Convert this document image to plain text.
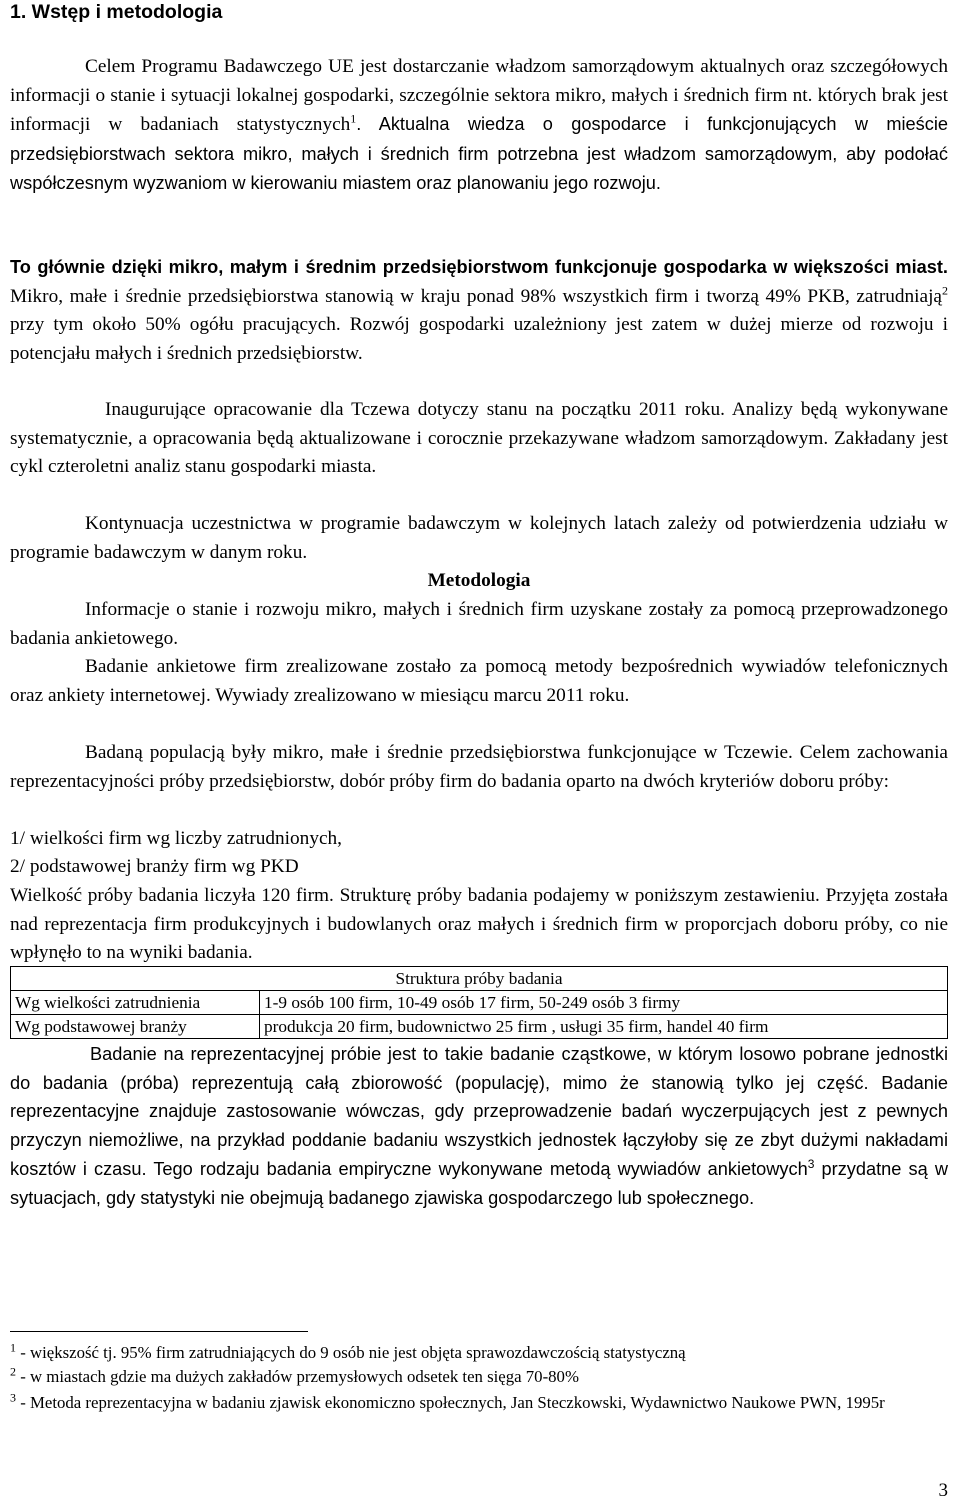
1. Wstęp i metodologia

Celem Programu Badawczego UE jest dostarczanie władzom samorządowym aktualnych oraz szczegółowych informacji o stanie i sytuacji lokalnej gospodarki, szczególnie sektora mikro, małych i średnich firm nt. których brak jest informacji w badaniach statystycznych$^1$. Aktualna wiedza o gospodarce i funkcjonujących w mieście przedsiębiorstwach sektora mikro, małych i średnich firm potrzebna jest władzom samorządowym, aby podołać współczesnym wyzwaniom w kierowaniu miastem oraz planowaniu jego rozwoju.

To głównie dzięki mikro, małym i średnim przedsiębiorstwom funkcjonuje gospodarka w większości miast. Mikro, małe i średnie przedsiębiorstwa stanowią w kraju ponad 98% wszystkich firm i tworzą 49% PKB, zatrudniają$^2$ przy tym około 50% ogółu pracujących. Rozwój gospodarki uzależniony jest zatem w dużej mierze od rozwoju i potencjału małych i średnich przedsiębiorstw.

Inaugurujące opracowanie dla Tczewa dotyczy stanu na początku 2011 roku. Analizy będą wykonywane systematycznie, a opracowania będą aktualizowane i corocznie przekazywane władzom samorządowym. Zakładany jest cykl czteroletni analiz stanu gospodarki miasta.

Kontynuacja uczestnictwa w programie badawczym w kolejnych latach zależy od potwierdzenia udziału w programie badawczym w danym roku.

Metodologia

Informacje o stanie i rozwoju mikro, małych i średnich firm uzyskane zostały za pomocą przeprowadzonego badania ankietowego.

Badanie ankietowe firm zrealizowane zostało za pomocą metody bezpośrednich wywiadów telefonicznych oraz ankiety internetowej. Wywiady zrealizowano w miesiącu marcu 2011 roku.

Badaną populacją były mikro, małe i średnie przedsiębiorstwa funkcjonujące w Tczewie. Celem zachowania reprezentacyjności próby przedsiębiorstw, dobór próby firm do badania oparto na dwóch kryteriów doboru próby:

1/ wielkości firm wg liczby zatrudnionych,
2/ podstawowej branży firm wg PKD

Wielkość próby badania liczyła 120 firm. Strukturę próby badania podajemy w poniższym zestawieniu. Przyjęta została nad reprezentacja firm produkcyjnych i budowlanych oraz małych i średnich firm w proporcjach doboru próby, co nie wpłynęło to na wyniki badania.

Struktura próby badania	
Wg wielkości zatrudnienia	1-9 osób 100 firm, 10-49 osób 17 firm, 50-249 osób 3 firmy
Wg podstawowej branży	produkcja 20 firm, budownictwo 25 firm , usługi 35 firm, handel 40 firm

Badanie na reprezentacyjnej próbie jest to takie badanie cząstkowe, w którym losowo pobrane jednostki do badania (próba) reprezentują całą zbiorowość (populację), mimo że stanowią tylko jej część. Badanie reprezentacyjne znajduje zastosowanie wówczas, gdy przeprowadzenie badań wyczerpujących jest z pewnych przyczyn niemożliwe, na przykład poddanie badaniu wszystkich jednostek łączyłoby się ze zbyt dużymi nakładami kosztów i czasu. Tego rodzaju badania empiryczne wykonywane metodą wywiadów ankietowych$^3$ przydatne są w sytuacjach, gdy statystyki nie obejmują badanego zjawiska gospodarczego lub społecznego.

$^1$ - większość tj. 95% firm zatrudniających do 9 osób nie jest objęta sprawozdawczością statystyczną
$^2$ - w miastach gdzie ma dużych zakładów przemysłowych odsetek ten sięga 70-80%
$^3$ - Metoda reprezentacyjna w badaniu zjawisk ekonomiczno społecznych, Jan Steczkowski, Wydawnictwo Naukowe PWN, 1995r
3
